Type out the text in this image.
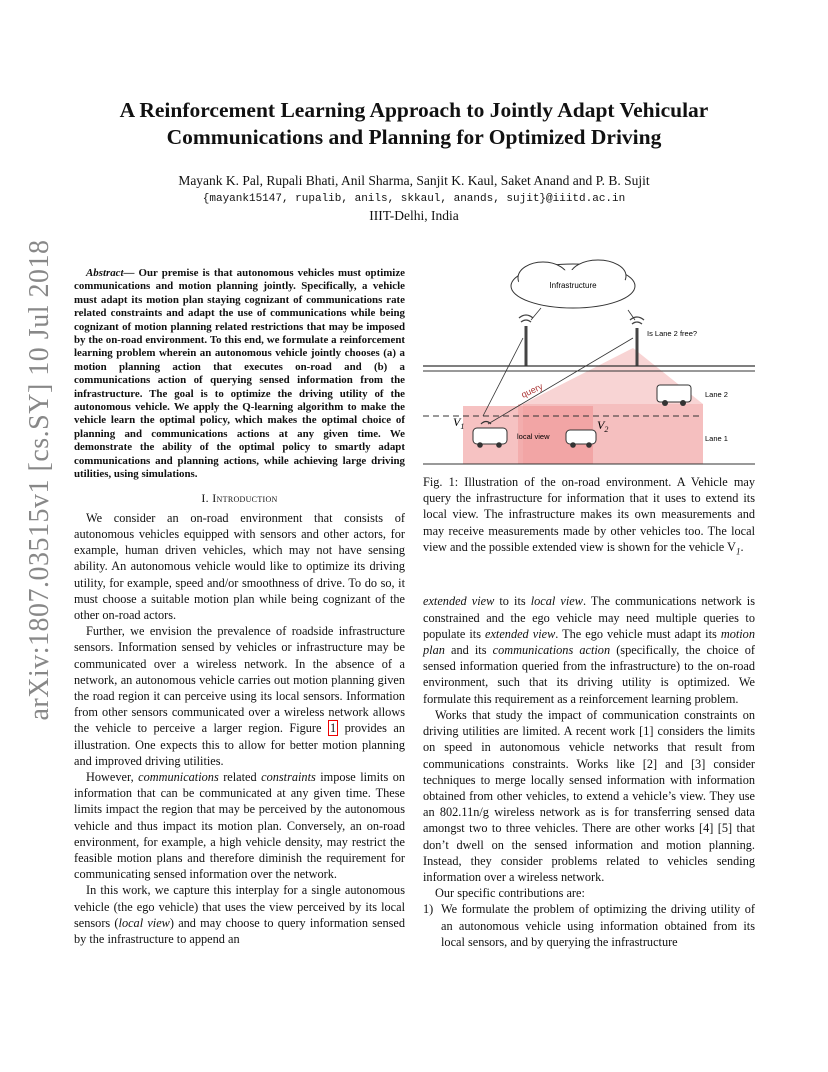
arXiv:1807.03515v1 [cs.SY] 10 Jul 2018
A Reinforcement Learning Approach to Jointly Adapt Vehicular
Communications and Planning for Optimized Driving
Mayank K. Pal, Rupali Bhati, Anil Sharma, Sanjit K. Kaul, Saket Anand and P. B. Sujit
{mayank15147, rupalib, anils, skkaul, anands, sujit}@iiitd.ac.in
IIIT-Delhi, India
Abstract— Our premise is that autonomous vehicles must optimize communications and motion planning jointly. Specifically, a vehicle must adapt its motion plan staying cognizant of communications rate related constraints and adapt the use of communications while being cognizant of motion planning related restrictions that may be imposed by the on-road environment. To this end, we formulate a reinforcement learning problem wherein an autonomous vehicle jointly chooses (a) a motion planning action that executes on-road and (b) a communications action of querying sensed information from the infrastructure. The goal is to optimize the driving utility of the autonomous vehicle. We apply the Q-learning algorithm to make the vehicle learn the optimal policy, which makes the optimal choice of planning and communications actions at any given time. We demonstrate the ability of the optimal policy to smartly adapt communications and planning actions, while achieving large driving utilities, using simulations.
I. Introduction

We consider an on-road environment that consists of autonomous vehicles equipped with sensors and other actors, for example, human driven vehicles, which may not have sensing ability. An autonomous vehicle would like to optimize its driving utility, for example, speed and/or smoothness of drive. To do so, it must choose a suitable motion plan while being cognizant of the other on-road actors.

Further, we envision the prevalence of roadside infrastructure sensors. Information sensed by vehicles or infrastructure may be communicated over a wireless network. In the absence of a network, an autonomous vehicle carries out motion planning given the road region it can perceive using its local sensors. Information from other sensors communicated over a wireless network allows the vehicle to perceive a larger region. Figure 1 provides an illustration. One expects this to allow for better motion planning and improved driving utilities.

However, communications related constraints impose limits on information that can be communicated at any given time. These limits impact the region that may be perceived by the autonomous vehicle and thus impact its motion plan. Conversely, an on-road environment, for example, a high vehicle density, may restrict the feasible motion plans and therefore diminish the requirement for communicating sensed information over the network.

In this work, we capture this interplay for a single autonomous vehicle (the ego vehicle) that uses the view perceived by its local sensors (local view) and may choose to query information sensed by the infrastructure to append an

Infrastructure
Is Lane 2 free?
query	Lane 2
Lane 1
$V_2$
$V_1$
local view
Fig. 1: Illustration of the on-road environment. A Vehicle may query the infrastructure for information that it uses to extend its local view. The infrastructure makes its own measurements and may receive measurements made by other vehicles too. The local view and the possible extended view is shown for the vehicle $V_1$.

extended view to its local view. The communications network is constrained and the ego vehicle may need multiple queries to populate its extended view. The ego vehicle must adapt its motion plan and its communications action (specifically, the choice of sensed information queried from the infrastructure) to the on-road environment, such that its driving utility is optimized. We formulate this requirement as a reinforcement learning problem.

Works that study the impact of communication constraints on driving utilities are limited. A recent work [1] considers the limits on speed in autonomous vehicle networks that result from communications constraints. Works like [2] and [3] consider techniques to merge locally sensed information with information obtained from other vehicles, to extend a vehicle’s view. They use an 802.11n/g wireless network as is for transferring sensed data amongst two to three vehicles. There are other works [4] [5] that don’t dwell on the sensed information and motion planning. Instead, they consider problems related to vehicles sending information over a wireless network.

Our specific contributions are:

1) We formulate the problem of optimizing the driving utility of an autonomous vehicle using information obtained from its local sensors, and by querying the infrastructure
